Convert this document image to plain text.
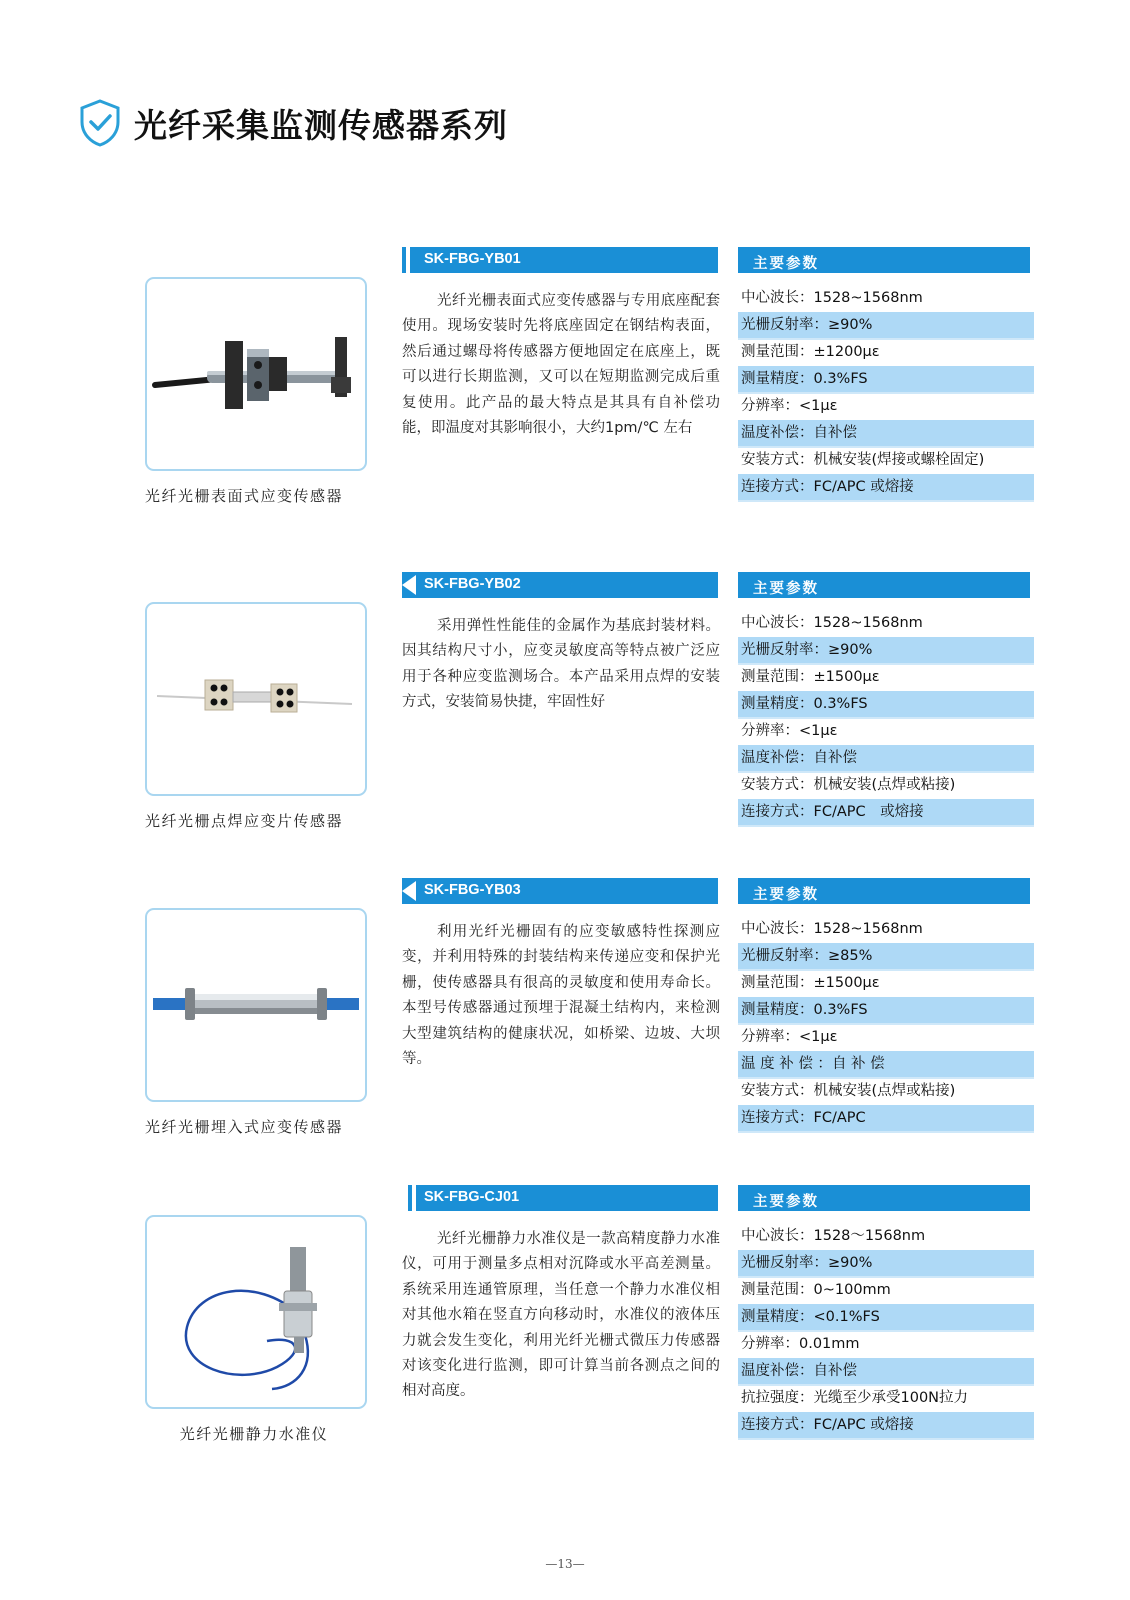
光纤采集监测传感器系列
光纤光栅表面式应变传感器
SK-FBG-YB01
光纤光栅表面式应变传感器与专用底座配套使用。现场安装时先将底座固定在钢结构表面，然后通过螺母将传感器方便地固定在底座上，既可以进行长期监测，又可以在短期监测完成后重复使用。此产品的最大特点是其具有自补偿功能，即温度对其影响很小，大约1pm/℃ 左右
主要参数
中心波长：1528~1568nm
光栅反射率：≥90%
测量范围：±1200με
测量精度：0.3%FS
分辨率：<1με
温度补偿：自补偿
安装方式：机械安装(焊接或螺栓固定)
连接方式：FC/APC 或熔接
光纤光栅点焊应变片传感器
SK-FBG-YB02
采用弹性性能佳的金属作为基底封装材料。因其结构尺寸小，应变灵敏度高等特点被广泛应用于各种应变监测场合。本产品采用点焊的安装方式，安装简易快捷，牢固性好
主要参数
中心波长：1528~1568nm
光栅反射率：≥90%
测量范围：±1500με
测量精度：0.3%FS
分辨率：<1με
温度补偿：自补偿
安装方式：机械安装(点焊或粘接)
连接方式：FC/APC　或熔接
光纤光栅埋入式应变传感器
SK-FBG-YB03
利用光纤光栅固有的应变敏感特性探测应变，并利用特殊的封装结构来传递应变和保护光栅，使传感器具有很高的灵敏度和使用寿命长。本型号传感器通过预埋于混凝土结构内，来检测大型建筑结构的健康状况，如桥梁、边坡、大坝等。
主要参数
中心波长：1528~1568nm
光栅反射率：≥85%
测量范围：±1500με
测量精度：0.3%FS
分辨率：<1με
温 度 补 偿 ：自 补 偿
安装方式：机械安装(点焊或粘接)
连接方式：FC/APC
光纤光栅静力水准仪
SK-FBG-CJ01
光纤光栅静力水准仪是一款高精度静力水准仪，可用于测量多点相对沉降或水平高差测量。系统采用连通管原理，当任意一个静力水准仪相对其他水箱在竖直方向移动时，水准仪的液体压力就会发生变化，利用光纤光栅式微压力传感器对该变化进行监测，即可计算当前各测点之间的相对高度。
主要参数
中心波长：1528～1568nm
光栅反射率：≥90%
测量范围：0~100mm
测量精度：<0.1%FS
分辨率：0.01mm
温度补偿：自补偿
抗拉强度：光缆至少承受100N拉力
连接方式：FC/APC 或熔接
—13—
